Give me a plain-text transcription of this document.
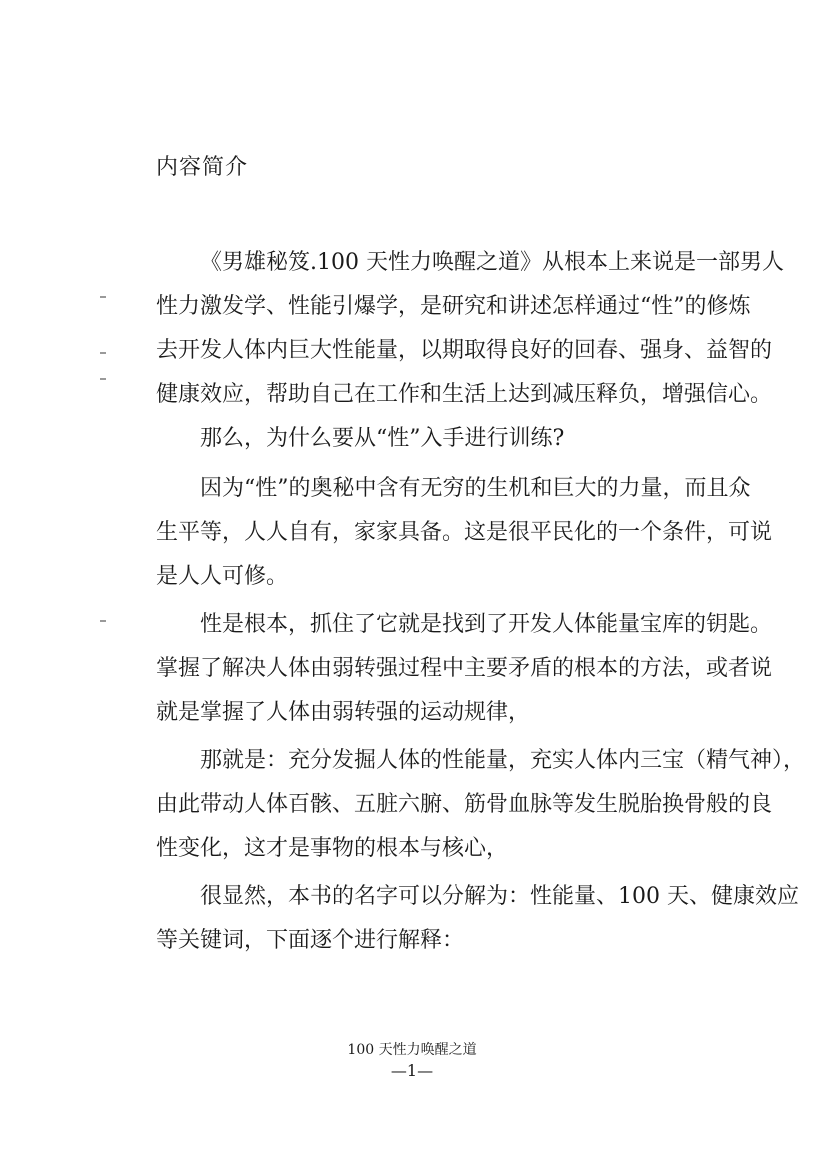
内容简介
《男雄秘笈.100 天性力唤醒之道》从根本上来说是一部男人
性力激发学、性能引爆学，是研究和讲述怎样通过“性”的修炼
去开发人体内巨大性能量，以期取得良好的回春、强身、益智的
健康效应，帮助自己在工作和生活上达到减压释负，增强信心。
那么，为什么要从“性”入手进行训练?
因为“性”的奥秘中含有无穷的生机和巨大的力量，而且众
生平等，人人自有，家家具备。这是很平民化的一个条件，可说
是人人可修。
性是根本，抓住了它就是找到了开发人体能量宝库的钥匙。
掌握了解决人体由弱转强过程中主要矛盾的根本的方法，或者说
就是掌握了人体由弱转强的运动规律，
那就是：充分发掘人体的性能量，充实人体内三宝（精气神），
由此带动人体百骸、五脏六腑、筋骨血脉等发生脱胎换骨般的良
性变化，这才是事物的根本与核心，
很显然，本书的名字可以分解为：性能量、100 天、健康效应
等关键词，下面逐个进行解释：
100 天性力唤醒之道
—1—
